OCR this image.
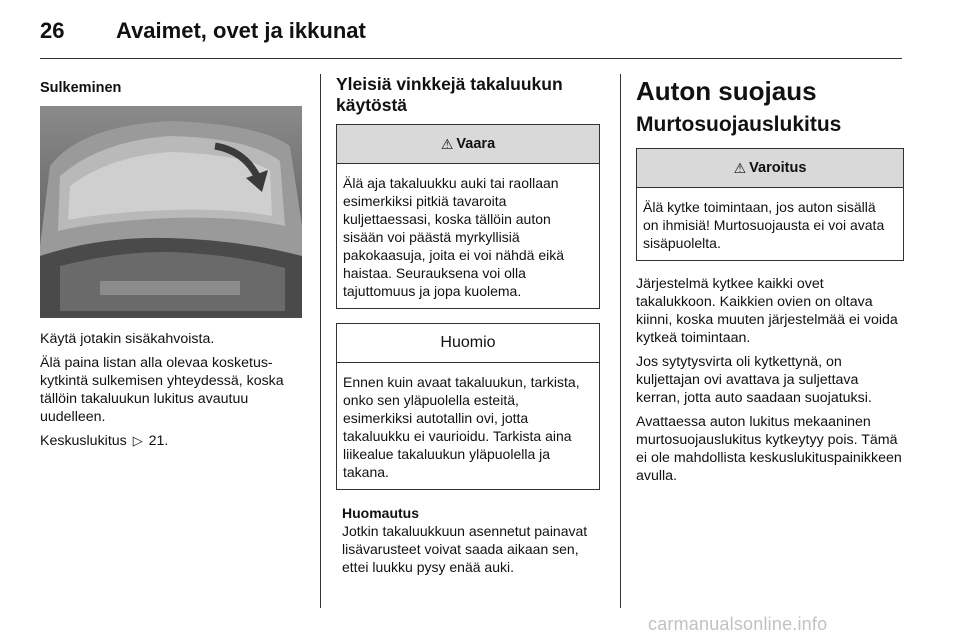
26 Avaimet, ovet ja ikkunat
Sulkeminen

Käytä jotakin sisäkahvoista.

Älä paina listan alla olevaa kosketus-kytkintä sulkemisen yhteydessä, koska tällöin takaluukun lukitus avautuu uudelleen.

Keskuslukitus ▷ 21.

Yleisiä vinkkejä takaluukun käytöstä
⚠ Vaara

Älä aja takaluukku auki tai raollaan esimerkiksi pitkiä tavaroita kuljettaessasi, koska tällöin auton sisään voi päästä myrkyllisiä pakokaasuja, joita ei voi nähdä eikä haistaa. Seurauksena voi olla tajuttomuus ja jopa kuolema.

Huomio

Ennen kuin avaat takaluukun, tarkista, onko sen yläpuolella esteitä, esimerkiksi autotallin ovi, jotta takaluukku ei vaurioidu. Tarkista aina liikealue takaluukun yläpuolella ja takana.

Huomautus
Jotkin takaluukkuun asennetut painavat lisävarusteet voivat saada aikaan sen, ettei luukku pysy enää auki.
Auton suojaus
Murtosuojauslukitus
⚠ Varoitus

Älä kytke toimintaan, jos auton sisällä on ihmisiä! Murtosuojausta ei voi avata sisäpuolelta.

Järjestelmä kytkee kaikki ovet takalukkoon. Kaikkien ovien on oltava kiinni, koska muuten järjestelmää ei voida kytkeä toimintaan.

Jos sytytysvirta oli kytkettynä, on kuljettajan ovi avattava ja suljettava kerran, jotta auto saadaan suojatuksi.

Avattaessa auton lukitus mekaaninen murtosuojauslukitus kytkeytyy pois. Tämä ei ole mahdollista keskuslukituspainikkeen avulla.

carmanualsonline.info
